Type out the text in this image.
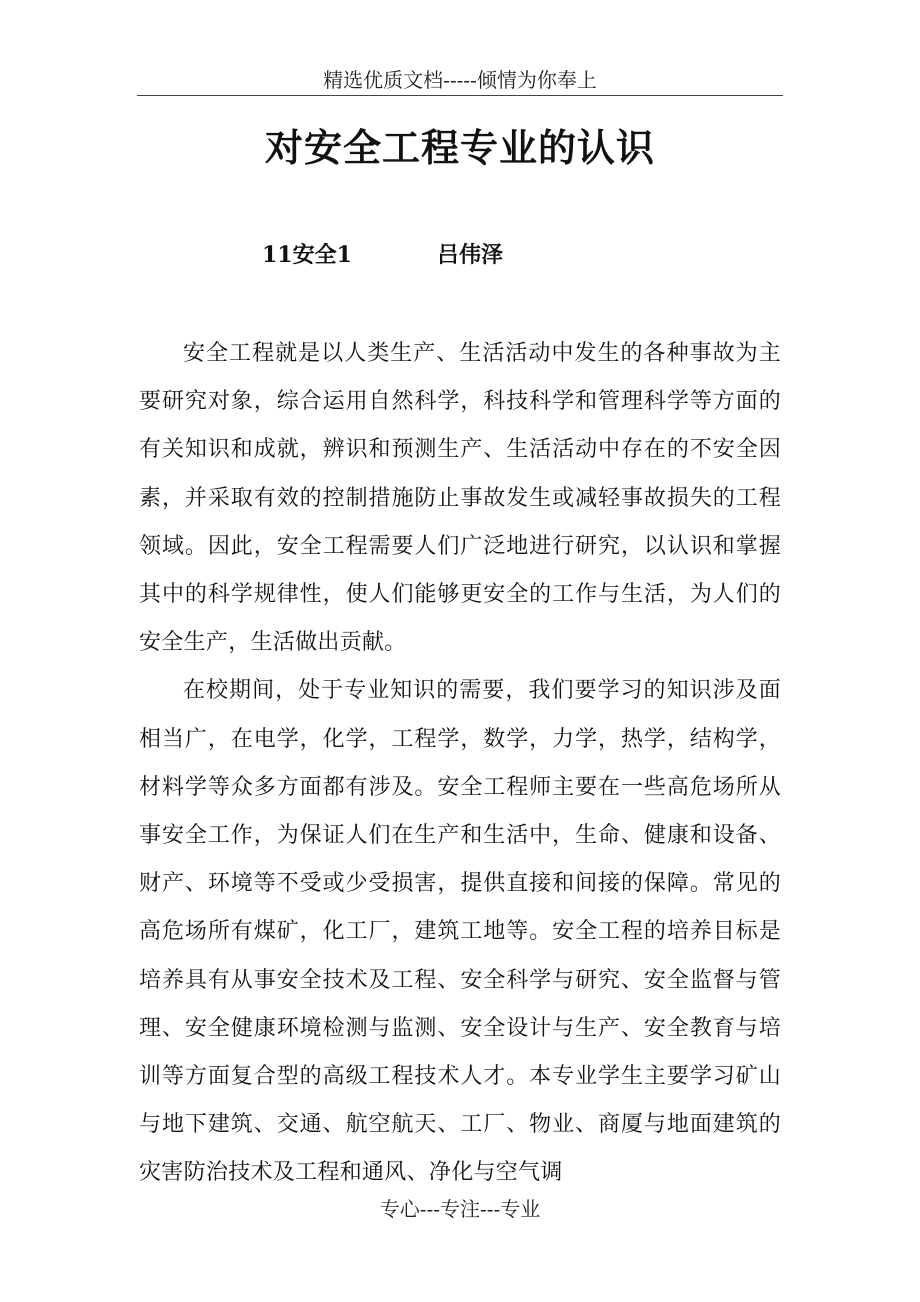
精选优质文档-----倾情为你奉上
对安全工程专业的认识
11安全1	吕伟泽

安全工程就是以人类生产、生活活动中发生的各种事故为主要研究对象，综合运用自然科学，科技科学和管理科学等方面的有关知识和成就，辨识和预测生产、生活活动中存在的不安全因素，并采取有效的控制措施防止事故发生或减轻事故损失的工程领域。因此，安全工程需要人们广泛地进行研究，以认识和掌握其中的科学规律性，使人们能够更安全的工作与生活，为人们的安全生产，生活做出贡献。

在校期间，处于专业知识的需要，我们要学习的知识涉及面相当广，在电学，化学，工程学，数学，力学，热学，结构学，材料学等众多方面都有涉及。安全工程师主要在一些高危场所从事安全工作，为保证人们在生产和生活中，生命、健康和设备、财产、环境等不受或少受损害，提供直接和间接的保障。常见的高危场所有煤矿，化工厂，建筑工地等。安全工程的培养目标是培养具有从事安全技术及工程、安全科学与研究、安全监督与管理、安全健康环境检测与监测、安全设计与生产、安全教育与培训等方面复合型的高级工程技术人才。本专业学生主要学习矿山与地下建筑、交通、航空航天、工厂、物业、商厦与地面建筑的灾害防治技术及工程和通风、净化与空气调

专心---专注---专业
